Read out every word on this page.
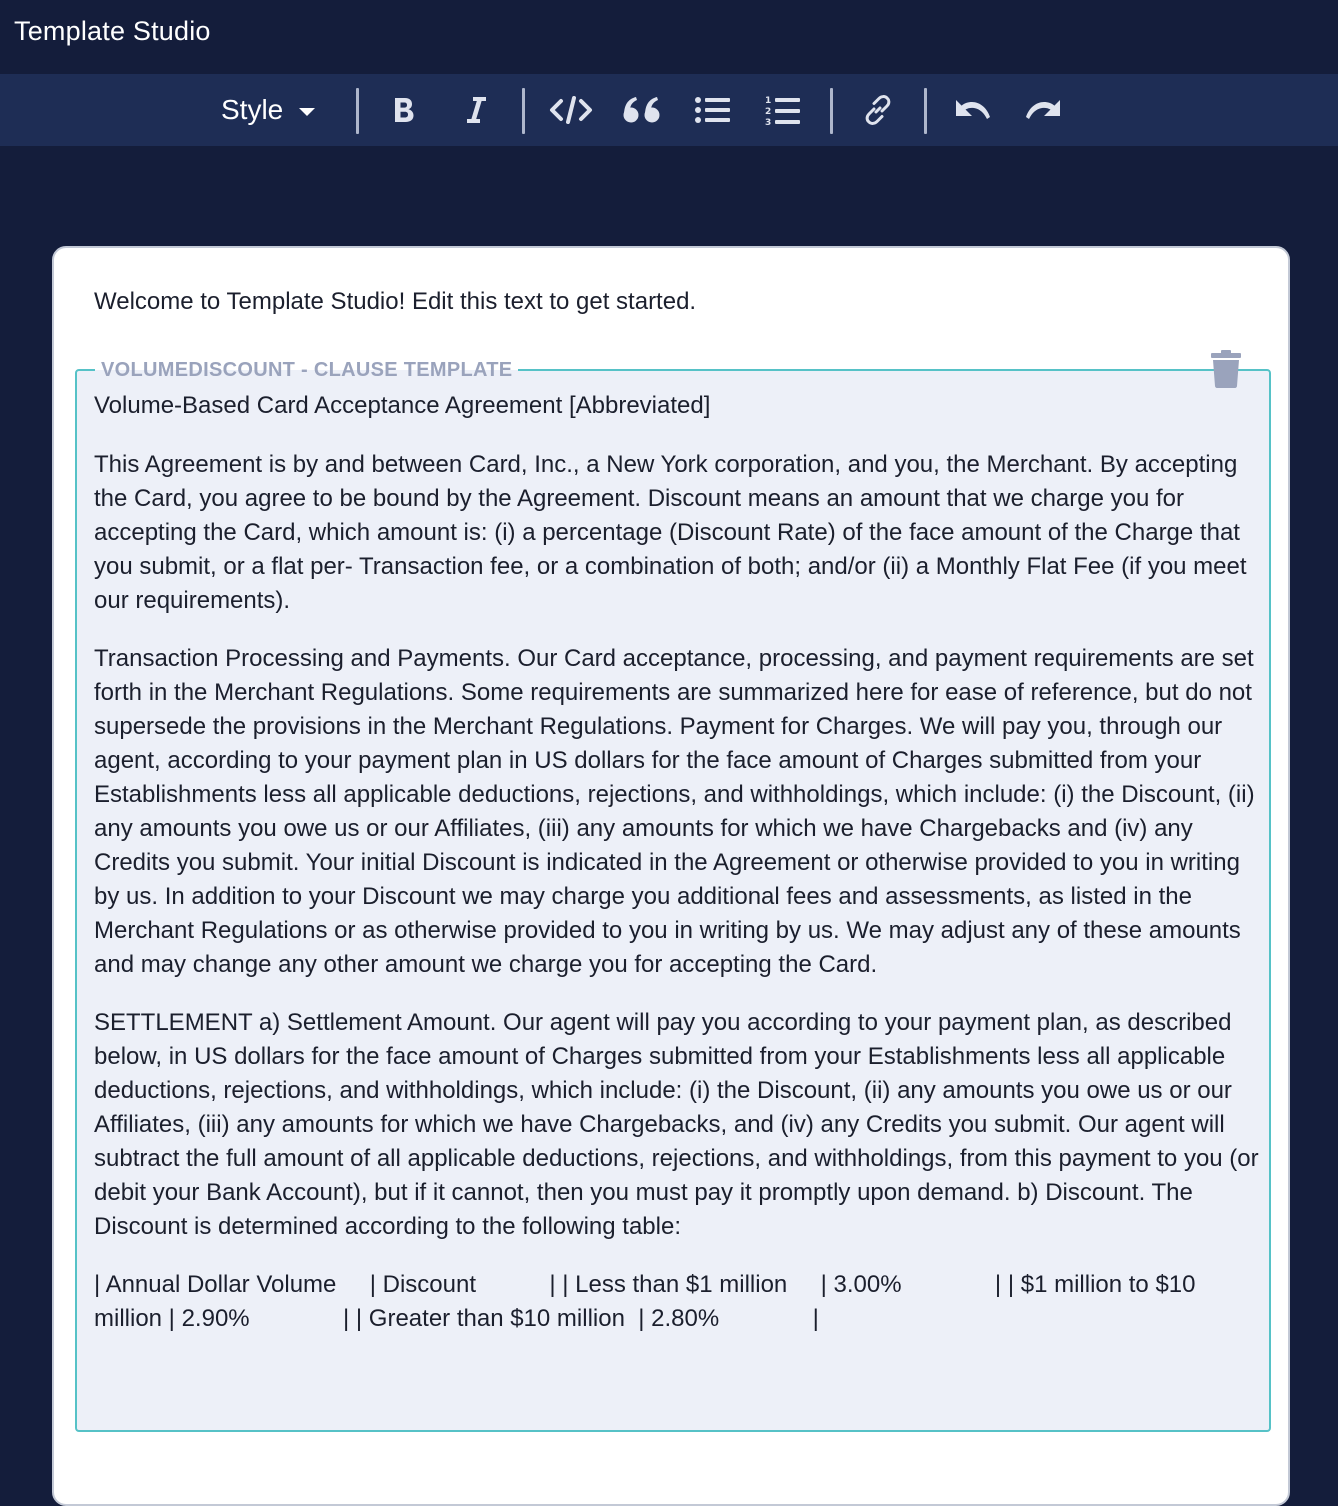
Template Studio
Style	1
2
3
Welcome to Template Studio! Edit this text to get started.
VOLUMEDISCOUNT - CLAUSE TEMPLATE

Volume-Based Card Acceptance Agreement [Abbreviated]

This Agreement is by and between Card, Inc., a New York corporation, and you, the Merchant. By accepting the Card, you agree to be bound by the Agreement. Discount means an amount that we charge you for accepting the Card, which amount is: (i) a percentage (Discount Rate) of the face amount of the Charge that you submit, or a flat per- Transaction fee, or a combination of both; and/or (ii) a Monthly Flat Fee (if you meet our requirements).

Transaction Processing and Payments. Our Card acceptance, processing, and payment requirements are set forth in the Merchant Regulations. Some requirements are summarized here for ease of reference, but do not supersede the provisions in the Merchant Regulations. Payment for Charges. We will pay you, through our agent, according to your payment plan in US dollars for the face amount of Charges submitted from your Establishments less all applicable deductions, rejections, and withholdings, which include: (i) the Discount, (ii) any amounts you owe us or our Affiliates, (iii) any amounts for which we have Chargebacks and (iv) any Credits you submit. Your initial Discount is indicated in the Agreement or otherwise provided to you in writing by us. In addition to your Discount we may charge you additional fees and assessments, as listed in the Merchant Regulations or as otherwise provided to you in writing by us. We may adjust any of these amounts and may change any other amount we charge you for accepting the Card.

SETTLEMENT a) Settlement Amount. Our agent will pay you according to your payment plan, as described below, in US dollars for the face amount of Charges submitted from your Establishments less all applicable deductions, rejections, and withholdings, which include: (i) the Discount, (ii) any amounts you owe us or our Affiliates, (iii) any amounts for which we have Chargebacks, and (iv) any Credits you submit. Our agent will subtract the full amount of all applicable deductions, rejections, and withholdings, from this payment to you (or debit your Bank Account), but if it cannot, then you must pay it promptly upon demand. b) Discount. The Discount is determined according to the following table:

| Annual Dollar Volume     | Discount           | | Less than $1 million     | 3.00%              | | $1 million to $10 million | 2.90%              | | Greater than $10 million  | 2.80%              |
